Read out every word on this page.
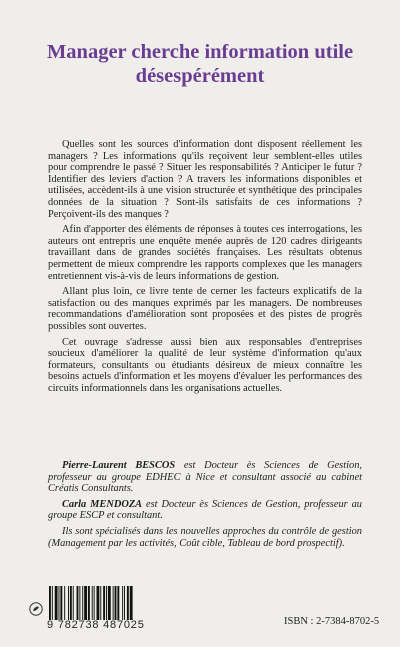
Manager cherche information utile
désespérément

Quelles sont les sources d'information dont disposent réellement les managers ? Les informations qu'ils reçoivent leur semblent-elles utiles pour comprendre le passé ? Situer les responsabilités ? Anticiper le futur ? Identifier des leviers d'action ? A travers les informations disponibles et utilisées, accèdent-ils à une vision structurée et synthétique des principales données de la situation ? Sont-ils satisfaits de ces informations ? Perçoivent-ils des manques ?

Afin d'apporter des éléments de réponses à toutes ces interrogations, les auteurs ont entrepris une enquête menée auprès de 120 cadres dirigeants travaillant dans de grandes sociétés françaises. Les résultats obtenus permettent de mieux comprendre les rapports complexes que les managers entretiennent vis-à-vis de leurs informations de gestion.

Allant plus loin, ce livre tente de cerner les facteurs explicatifs de la satisfaction ou des manques exprimés par les managers. De nombreuses recommandations d'amélioration sont proposées et des pistes de progrès possibles sont ouvertes.

Cet ouvrage s'adresse aussi bien aux responsables d'entreprises soucieux d'améliorer la qualité de leur système d'information qu'aux formateurs, consultants ou étudiants désireux de mieux connaître les besoins actuels d'information et les moyens d'évaluer les performances des circuits informationnels dans les organisations actuelles.

Pierre-Laurent BESCOS est Docteur ès Sciences de Gestion, professeur au groupe EDHEC à Nice et consultant associé au cabinet Créatis Consultants.

Carla MENDOZA est Docteur ès Sciences de Gestion, professeur au groupe ESCP et consultant.

Ils sont spécialisés dans les nouvelles approches du contrôle de gestion (Management par les activités, Coût cible, Tableau de bord prospectif).

9 782738 487025	ISBN : 2-7384-8702-5
